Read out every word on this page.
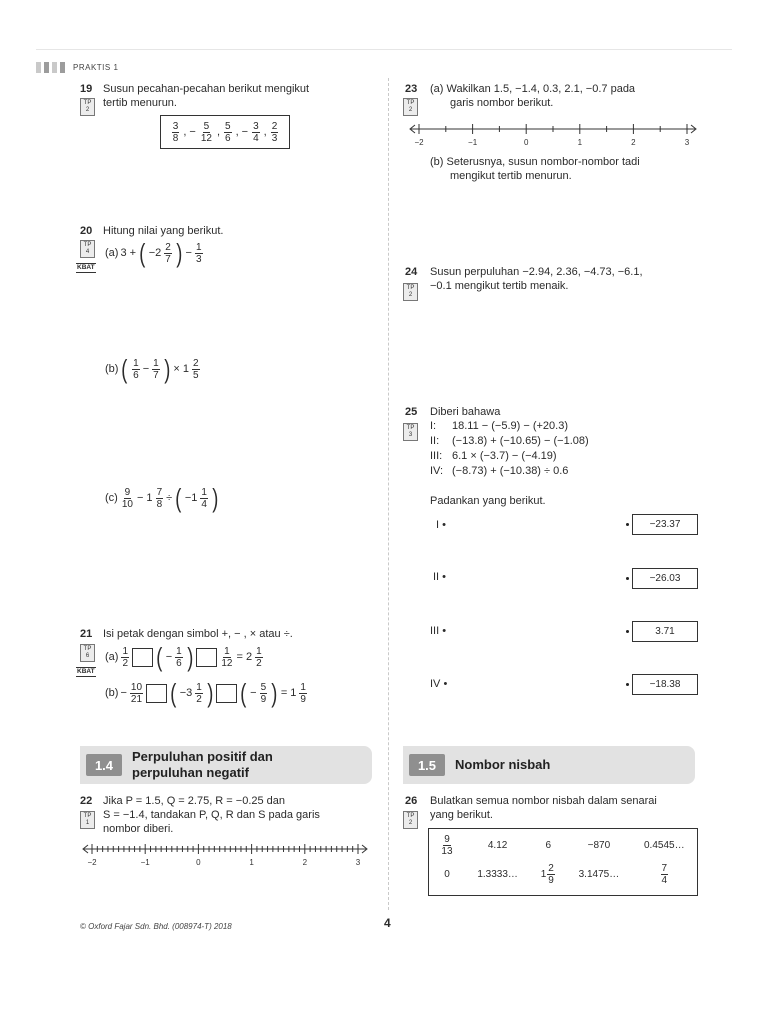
PRAKTIS 1
19
TP
2
Susun pecahan-pecahan berikut mengikut
tertib menurun.
$\frac{3}{8}$ , − $\frac{5}{12}$ , $\frac{5}{6}$ , − $\frac{3}{4}$ , $\frac{2}{3}$
20 Hitung nilai yang berikut.
TP
4
KBAT
(a) 3 + ( $-2 \frac{2}{7}$ ) − $\frac{1}{3}$
(b) ( $\frac{1}{6} - \frac{1}{7}$ ) × $1 \frac{2}{5}$
$(c) \frac{9}{10} - 1 \frac{7}{8}$ ÷ ( $-1 \frac{1}{4}$ )
21 Isi petak dengan simbol +, − , × atau ÷.
TP
6
KBAT
$(a) \frac{1}{2}$ ( − $\frac{1}{6}$ )	$\frac{1}{12} = 2 \frac{1}{2}$
$(b) - \frac{10}{21}$ ( $-3 \frac{1}{2}$ ) ( − $\frac{5}{9}$ ) = $1 \frac{1}{9}$
1.4
Perpuluhan positif dan
perpuluhan negatif
22
TP
1
Jika P = 1.5, Q = 2.75, R = −0.25 dan
S = −1.4, tandakan P, Q, R dan S pada garis
nombor diberi.
−2	−1	0	1	2	3
23
TP
2
(a) Wakilkan 1.5, −1.4, 0.3, 2.1, −0.7 pada
garis nombor berikut.
−2	−1	0	1	2	3
(b) Seterusnya, susun nombor-nombor tadi
mengikut tertib menurun.
24
TP
2
Susun perpuluhan −2.94, 2.36, −4.73, −6.1,
−0.1 mengikut tertib menaik.
25
TP
3
Diberi bahawa
I: 18.11 − (−5.9) − (+20.3)
II: (−13.8) + (−10.65) − (−1.08)
III: 6.1 × (−3.7) − (−4.19)
IV: (−8.73) + (−10.38) ÷ 0.6
Padankan yang berikut.
I •
II •
III •
IV •
−23.37
−26.03
3.71
−18.38
1.5	Nombor nisbah
26
TP
2
Bulatkan semua nombor nisbah dalam senarai
yang berikut.
$\frac{9}{13}$	4.12	6	−870	0.4545…
0	1.3333…	$1 \frac{2}{9}$	3.1475…	$\frac{7}{4}$
© Oxford Fajar Sdn. Bhd. (008974-T) 2018	4
